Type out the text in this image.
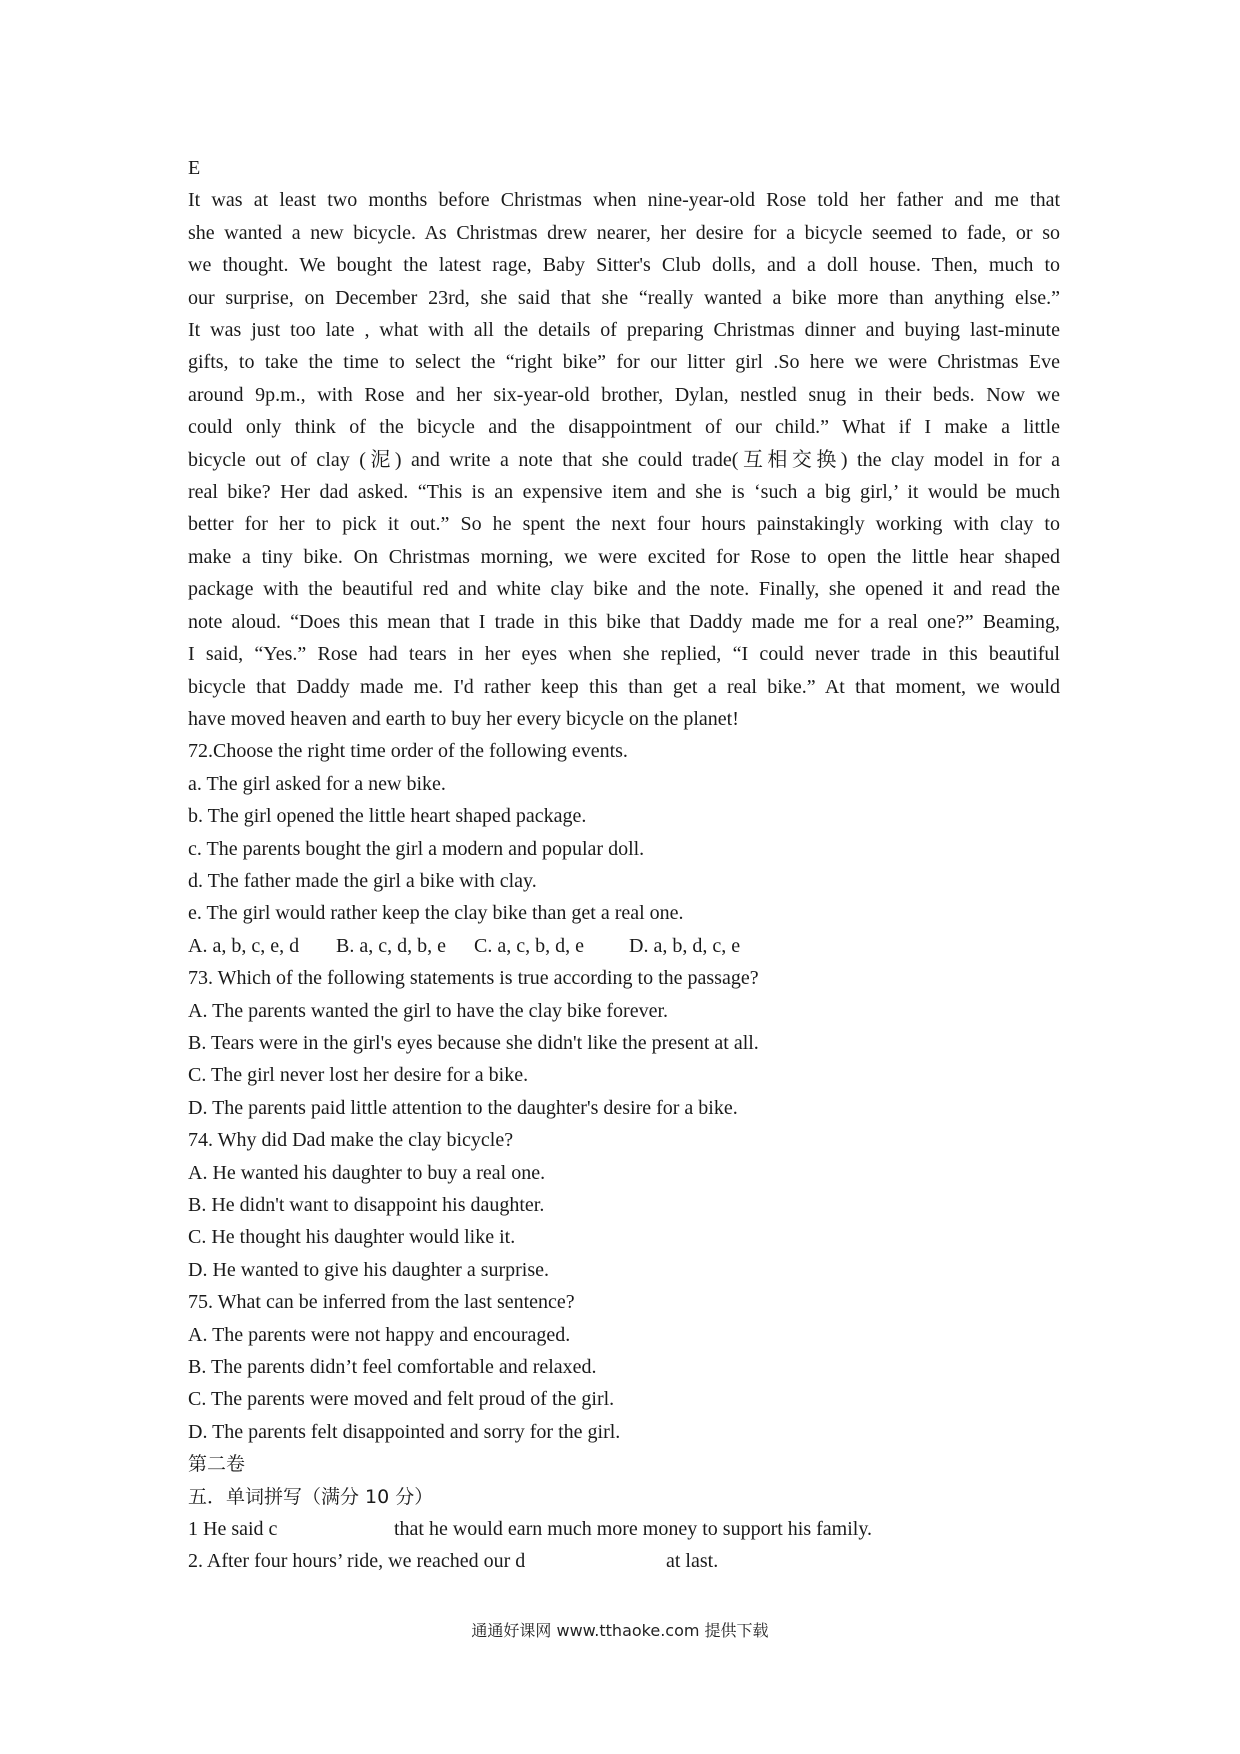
E
It was at least two months before Christmas when nine-year-old Rose told her father and me that
she wanted a new bicycle. As Christmas drew nearer, her desire for a bicycle seemed to fade, or so
we thought. We bought the latest rage, Baby Sitter's Club dolls, and a doll house. Then, much to
our surprise, on December 23rd, she said that she “really wanted a bike more than anything else.”
It was just too late , what with all the details of preparing Christmas dinner and buying last-minute
gifts, to take the time to select the “right bike” for our litter girl .So here we were Christmas Eve
around 9p.m., with Rose and her six-year-old brother, Dylan, nestled snug in their beds. Now we
could only think of the bicycle and the disappointment of our child.” What if I make a little
bicycle out of clay (泥) and write a note that she could trade(互相交换) the clay model in for a
real bike? Her dad asked. “This is an expensive item and she is ‘such a big girl,’ it would be much
better for her to pick it out.” So he spent the next four hours painstakingly working with clay to
make a tiny bike. On Christmas morning, we were excited for Rose to open the little hear shaped
package with the beautiful red and white clay bike and the note. Finally, she opened it and read the
note aloud. “Does this mean that I trade in this bike that Daddy made me for a real one?” Beaming,
I said, “Yes.” Rose had tears in her eyes when she replied, “I could never trade in this beautiful
bicycle that Daddy made me. I'd rather keep this than get a real bike.” At that moment, we would
have moved heaven and earth to buy her every bicycle on the planet!
72.Choose the right time order of the following events.
a. The girl asked for a new bike.
b. The girl opened the little heart shaped package.
c. The parents bought the girl a modern and popular doll.
d. The father made the girl a bike with clay.
e. The girl would rather keep the clay bike than get a real one.
A. a, b, c, e, d B. a, c, d, b, e C. a, c, b, d, e D. a, b, d, c, e
73. Which of the following statements is true according to the passage?
A. The parents wanted the girl to have the clay bike forever.
B. Tears were in the girl's eyes because she didn't like the present at all.
C. The girl never lost her desire for a bike.
D. The parents paid little attention to the daughter's desire for a bike.
74. Why did Dad make the clay bicycle?
A. He wanted his daughter to buy a real one.
B. He didn't want to disappoint his daughter.
C. He thought his daughter would like it.
D. He wanted to give his daughter a surprise.
75. What can be inferred from the last sentence?
A. The parents were not happy and encouraged.
B. The parents didn’t feel comfortable and relaxed.
C. The parents were moved and felt proud of the girl.
D. The parents felt disappointed and sorry for the girl.
第二卷
五．单词拼写（满分 10 分）
1 He said c	that he would earn much more money to support his family.
2. After four hours’ ride, we reached our d	at last.
通通好课网 www.tthaoke.com 提供下载
